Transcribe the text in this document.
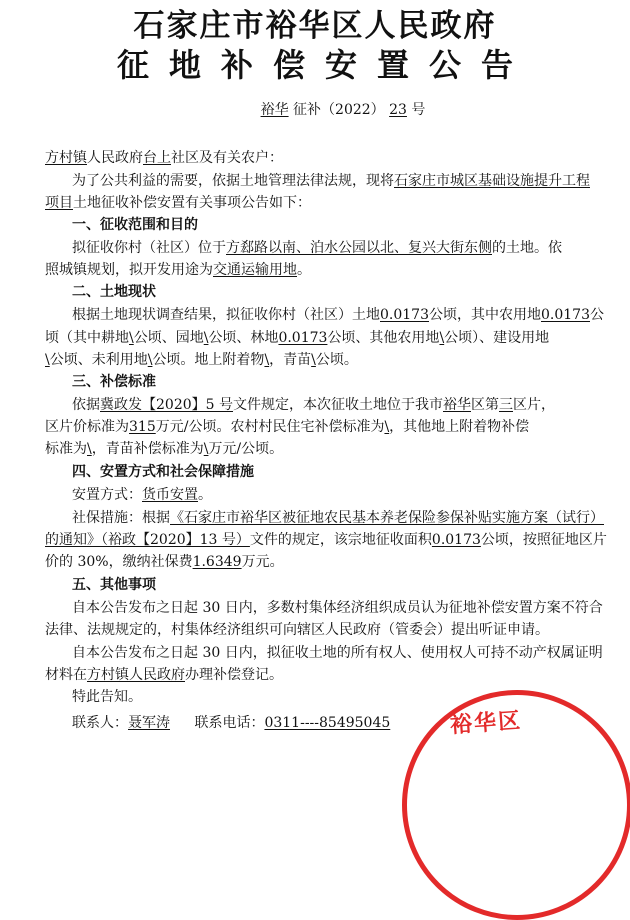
石家庄市裕华区人民政府
征地补偿安置公告
裕华 征补（2022） 23 号
方村镇人民政府台上社区及有关农户：
为了公共利益的需要，依据土地管理法律法规，现将石家庄市城区基础设施提升工程
项目土地征收补偿安置有关事项公告如下：
一、征收范围和目的
拟征收你村（社区）位于方郄路以南、泊水公园以北、复兴大街东侧的土地。依
照城镇规划，拟开发用途为交通运输用地。
二、土地现状
根据土地现状调查结果，拟征收你村（社区）土地0.0173公顷，其中农用地0.0173公
顷（其中耕地\公顷、园地\公顷、林地0.0173公顷、其他农用地\公顷）、建设用地
\公顷、未利用地\公顷。地上附着物\，青苗\公顷。
三、补偿标准
依据冀政发【2020】5 号文件规定，本次征收土地位于我市裕华区第三区片，
区片价标准为315万元/公顷。农村村民住宅补偿标准为\，其他地上附着物补偿
标准为\，青苗补偿标准为\万元/公顷。
四、安置方式和社会保障措施
安置方式：货币安置。
社保措施：根据《石家庄市裕华区被征地农民基本养老保险参保补贴实施方案（试行）
的通知》（裕政【2020】13 号）文件的规定，该宗地征收面积0.0173公顷，按照征地区片
价的 30%，缴纳社保费1.6349万元。
五、其他事项
自本公告发布之日起 30 日内，多数村集体经济组织成员认为征地补偿安置方案不符合
法律、法规规定的，村集体经济组织可向辖区人民政府（管委会）提出听证申请。
自本公告发布之日起 30 日内，拟征收土地的所有权人、使用权人可持不动产权属证明
材料在方村镇人民政府办理补偿登记。
特此告知。
联系人：聂军涛 联系电话：0311----85495045	裕华区
